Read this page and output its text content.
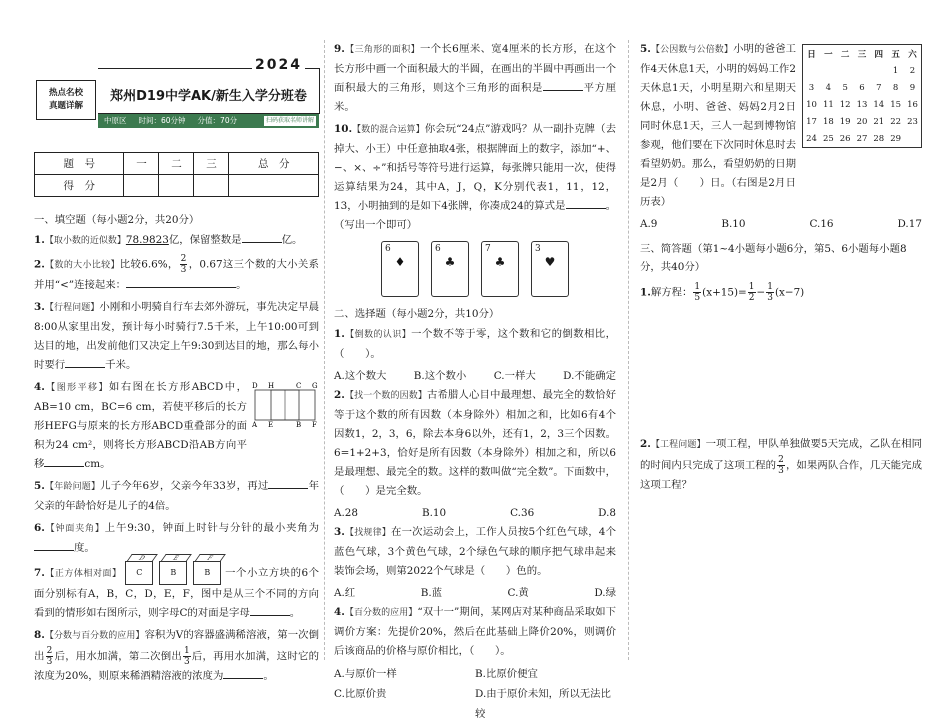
热点名校
真题详解
2024
郑州D19中学AK/新生入学分班卷
中原区	时间：60分钟	分值：70分	扫码获取名师讲解
题　号	一	二	三	总　分
得　分				
一、填空题（每小题2分，共20分）
1.【取小数的近似数】78.9823亿，保留整数是	亿。
2.【数的大小比较】比较6.6%， $\frac{2}{3}$ ，0.67这三个数的大小关系并用“<”连接起来：	。
3.【行程问题】小刚和小明骑自行车去郊外游玩，事先决定早晨8:00从家里出发，预计每小时骑行7.5千米，上午10:00可到达目的地，出发前他们又决定上午9:30到达目的地，那么每小时要行	千米。
D H	C G
A E	B F
4.【图形平移】如右图在长方形ABCD中，AB=10 cm，BC=6 cm，若使平移后的长方形HEFG与原来的长方形ABCD重叠部分的面积为24 cm²，则将长方形ABCD沿AB方向平移	cm。
5.【年龄问题】儿子今年6岁，父亲今年33岁，再过	年父亲的年龄恰好是儿子的4倍。
6.【钟面夹角】上午9:30，钟面上时针与分针的最小夹角为度。
7.【正方体相对面】
D
C
E
B
F
B	一个小立方块的6个面分别标有A，B，C，D，E，F，图中是从三个不同的方向看到的情形如右图所示，则字母C的对面是字母	。
8.【分数与百分数的应用】容积为V的容器盛满稀溶液，第一次倒出 $\frac{2}{3}$ 后，用水加满，第二次倒出 $\frac{1}{3}$ 后，再用水加满，这时它的浓度为20%，则原来稀酒精溶液的浓度为	。
9.【三角形的面积】一个长6厘米、宽4厘米的长方形，在这个长方形中画一个面积最大的半圆，在画出的半圆中再画出一个面积最大的三角形，则这个三角形的面积是	平方厘米。
10.【数的混合运算】你会玩“24点”游戏吗？从一副扑克牌（去掉大、小王）中任意抽取4张，根据牌面上的数字，添加“+、−、×、÷”和括号等符号进行运算，每张牌只能用一次，使得运算结果为24，其中A，J，Q，K分别代表1，11，12，13，小明抽到的是如下4张牌，你凑成24的算式是	。（写出一个即可）
6
♦
6
♣
7
♣
3
♥
二、选择题（每小题2分，共10分）
1.【倒数的认识】一个数不等于零，这个数和它的倒数相比，（　　）。
A.这个数大	B.这个数小	C.一样大	D.不能确定
2.【找一个数的因数】古希腊人心目中最理想、最完全的数恰好等于这个数的所有因数（本身除外）相加之和，比如6有4个因数1，2，3，6，除去本身6以外，还有1，2，3三个因数。6=1+2+3，恰好是所有因数（本身除外）相加之和，所以6是最理想、最完全的数。这样的数叫做“完全数”。下面数中，（　　）是完全数。
A.28	B.10	C.36	D.8
3.【找规律】在一次运动会上，工作人员按5个红色气球，4个蓝色气球，3个黄色气球，2个绿色气球的顺序把气球串起来装饰会场，则第2022个气球是（　　）色的。
A.红	B.蓝	C.黄	D.绿
4.【百分数的应用】“双十一”期间，某网店对某种商品采取如下调价方案：先提价20%，然后在此基础上降价20%，则调价后该商品的价格与原价相比，（　　）。
A.与原价一样	B.比原价便宜
C.比原价贵	D.由于原价未知，所以无法比较
日	一	二	三	四	五	六
					1	2
3	4	5	6	7	8	9
10	11	12	13	14	15	16
17	18	19	20	21	22	23
24	25	26	27	28	29	
5.【公因数与公倍数】小明的爸爸工作4天休息1天，小明的妈妈工作2天休息1天，小明星期六和星期天休息，小明、爸爸、妈妈2月2日同时休息1天，三人一起到博物馆参观，他们要在下次同时休息时去看望奶奶。那么，看望奶奶的日期是2月（　　）日。（右图是2月日历表）
A.9	B.10	C.16	D.17
三、简答题（第1~4小题每小题6分，第5、6小题每小题8分，共40分）
1.解方程： $\frac{1}{5} (x+15)= \frac{1}{2} - \frac{1}{3} (x-7)$
2.【工程问题】一项工程，甲队单独做要5天完成，乙队在相同的时间内只完成了这项工程的 $\frac{2}{3}$ ，如果两队合作，几天能完成这项工程？
